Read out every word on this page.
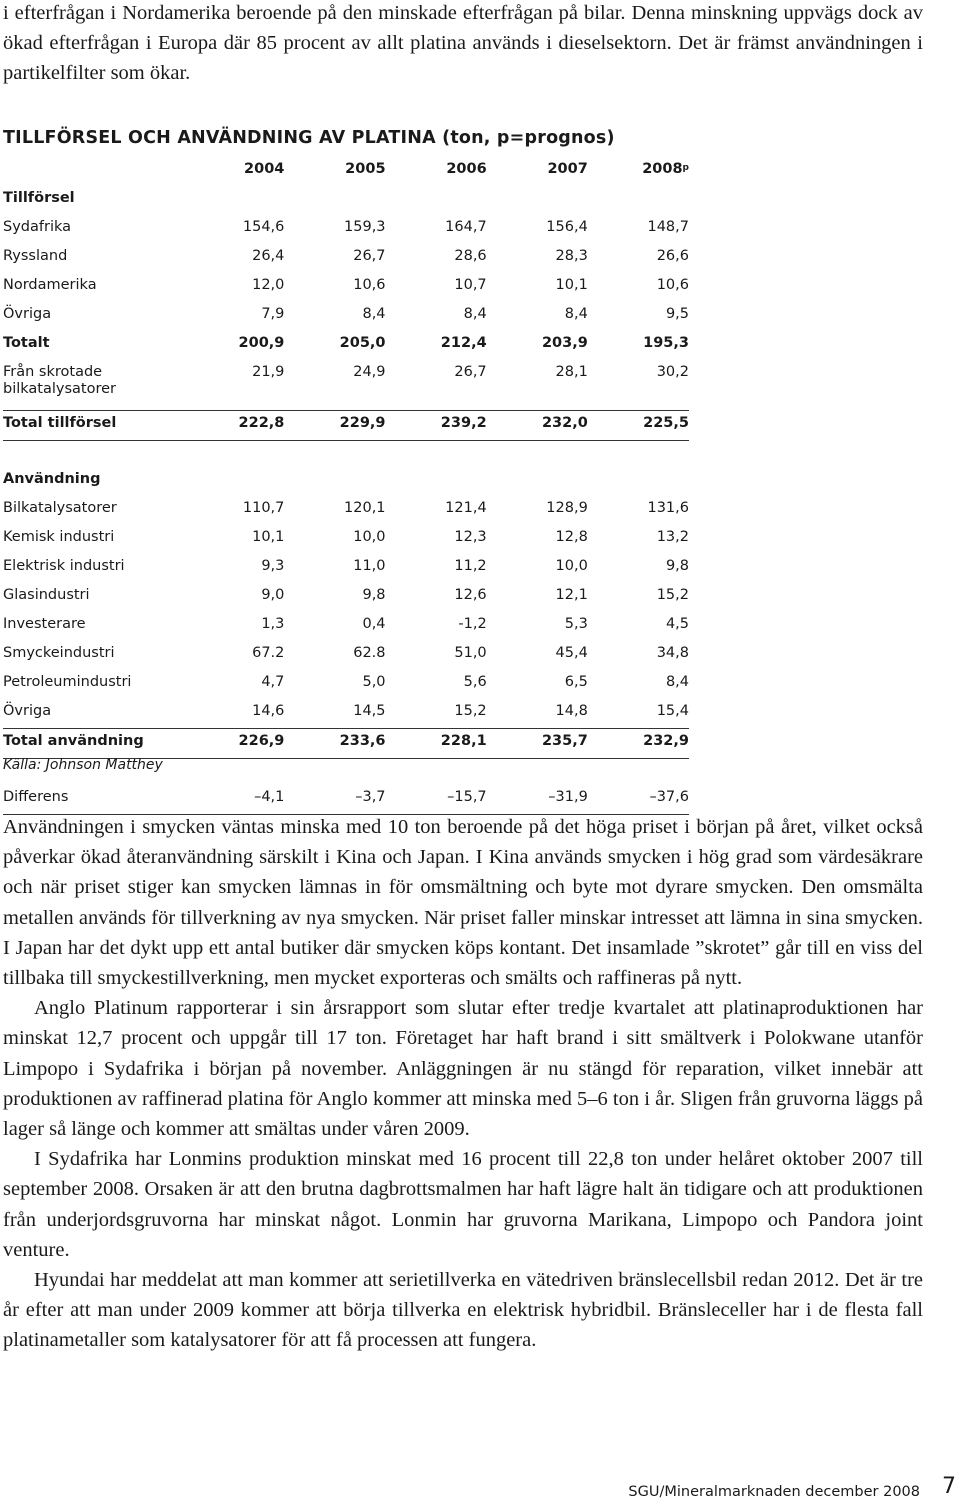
i efterfrågan i Nordamerika beroende på den minskade efterfrågan på bilar. Denna minskning uppvägs dock av ökad efterfrågan i Europa där 85 procent av allt platina används i dieselsektorn. Det är främst användningen i partikelfilter som ökar.

TILLFÖRSEL OCH ANVÄNDNING AV PLATINA (ton, p=prognos)
	2004	2005	2006	2007	2008$^p$
Tillförsel					
Sydafrika	154,6	159,3	164,7	156,4	148,7
Ryssland	26,4	26,7	28,6	28,3	26,6
Nordamerika	12,0	10,6	10,7	10,1	10,6
Övriga	7,9	8,4	8,4	8,4	9,5
Totalt	200,9	205,0	212,4	203,9	195,3
Från skrotade
bilkatalysatorer	21,9	24,9	26,7	28,1	30,2
Total tillförsel	222,8	229,9	239,2	232,0	225,5

Användning					
Bilkatalysatorer	110,7	120,1	121,4	128,9	131,6
Kemisk industri	10,1	10,0	12,3	12,8	13,2
Elektrisk industri	9,3	11,0	11,2	10,0	9,8
Glasindustri	9,0	9,8	12,6	12,1	15,2
Investerare	1,3	0,4	-1,2	5,3	4,5
Smyckeindustri	67.2	62.8	51,0	45,4	34,8
Petroleumindustri	4,7	5,0	5,6	6,5	8,4
Övriga	14,6	14,5	15,2	14,8	15,4
Total användning	226,9	233,6	228,1	235,7	232,9

Differens	–4,1	–3,7	–15,7	–31,9	–37,6
Källa: Johnson Matthey

Användningen i smycken väntas minska med 10 ton beroende på det höga priset i början på året, vilket också påverkar ökad återanvändning särskilt i Kina och Japan. I Kina används smycken i hög grad som värdesäkrare och när priset stiger kan smycken lämnas in för omsmältning och byte mot dyrare smycken. Den omsmälta metallen används för tillverkning av nya smycken. När priset faller minskar intresset att lämna in sina smycken. I Japan har det dykt upp ett antal butiker där smycken köps kontant. Det insamlade ”skrotet” går till en viss del tillbaka till smyckestillverkning, men mycket exporteras och smälts och raffineras på nytt.

Anglo Platinum rapporterar i sin årsrapport som slutar efter tredje kvartalet att platinaproduktionen har minskat 12,7 procent och uppgår till 17 ton. Företaget har haft brand i sitt smältverk i Polokwane utanför Limpopo i Sydafrika i början på november. Anläggningen är nu stängd för reparation, vilket innebär att produktionen av raffinerad platina för Anglo kommer att minska med 5–6 ton i år. Sligen från gruvorna läggs på lager så länge och kommer att smältas under våren 2009.

I Sydafrika har Lonmins produktion minskat med 16 procent till 22,8 ton under helåret oktober 2007 till september 2008. Orsaken är att den brutna dagbrottsmalmen har haft lägre halt än tidigare och att produktionen från underjordsgruvorna har minskat något. Lonmin har gruvorna Marikana, Limpopo och Pandora joint venture.

Hyundai har meddelat att man kommer att serietillverka en vätedriven bränslecellsbil redan 2012. Det är tre år efter att man under 2009 kommer att börja tillverka en elektrisk hybridbil. Bränsleceller har i de flesta fall platinametaller som katalysatorer för att få processen att fungera.

SGU/Mineralmarknaden december 2008 7
